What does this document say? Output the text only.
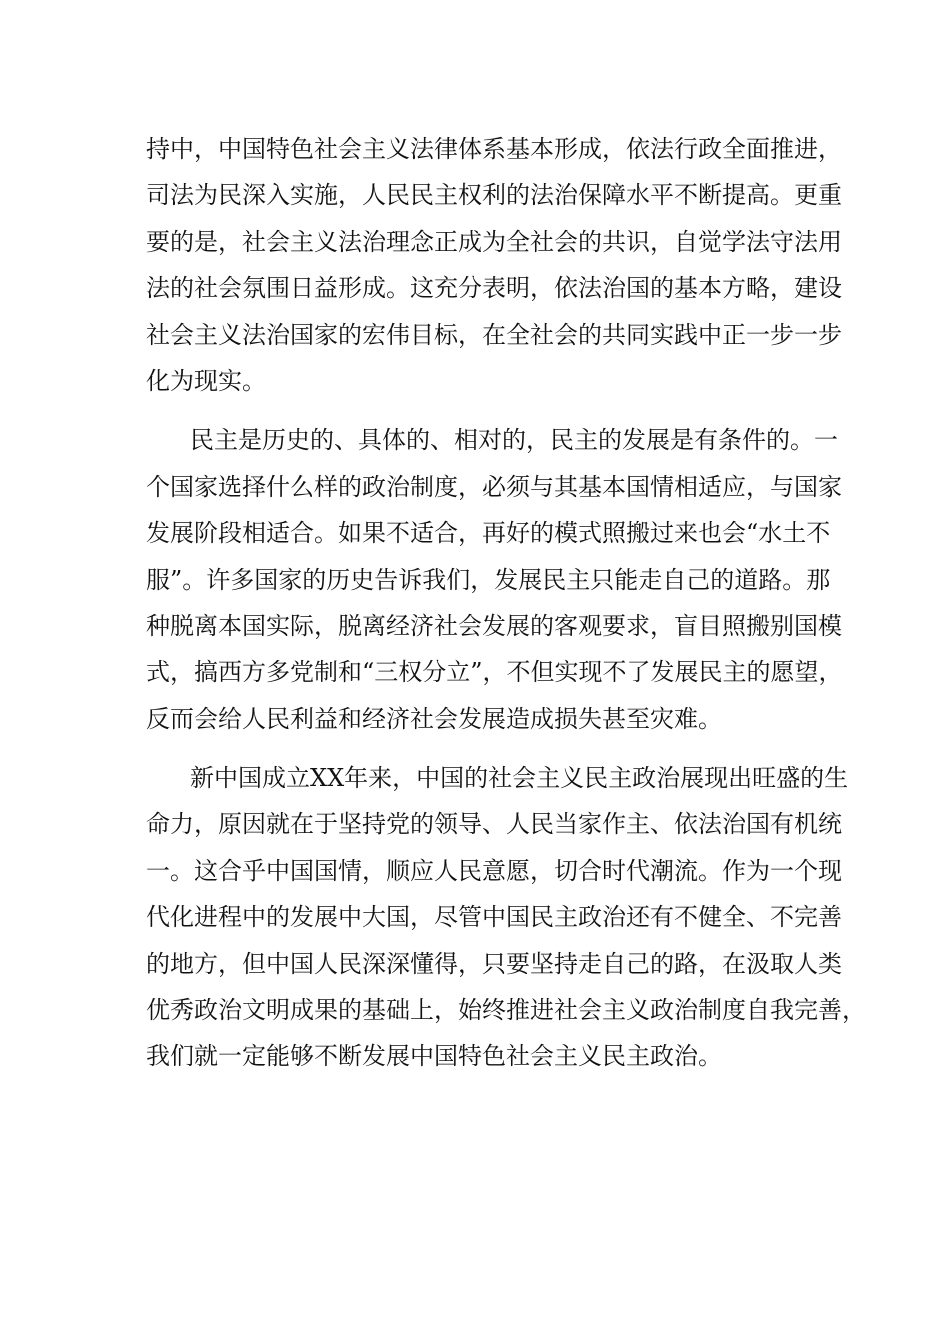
持中，中国特色社会主义法律体系基本形成，依法行政全面推进，
司法为民深入实施，人民民主权利的法治保障水平不断提高。更重
要的是，社会主义法治理念正成为全社会的共识，自觉学法守法用
法的社会氛围日益形成。这充分表明，依法治国的基本方略，建设
社会主义法治国家的宏伟目标，在全社会的共同实践中正一步一步
化为现实。
民主是历史的、具体的、相对的，民主的发展是有条件的。一
个国家选择什么样的政治制度，必须与其基本国情相适应，与国家
发展阶段相适合。如果不适合，再好的模式照搬过来也会“水土不
服”。许多国家的历史告诉我们，发展民主只能走自己的道路。那
种脱离本国实际，脱离经济社会发展的客观要求，盲目照搬别国模
式，搞西方多党制和“三权分立”，不但实现不了发展民主的愿望，
反而会给人民利益和经济社会发展造成损失甚至灾难。
新中国成立XX年来，中国的社会主义民主政治展现出旺盛的生
命力，原因就在于坚持党的领导、人民当家作主、依法治国有机统
一。这合乎中国国情，顺应人民意愿，切合时代潮流。作为一个现
代化进程中的发展中大国，尽管中国民主政治还有不健全、不完善
的地方，但中国人民深深懂得，只要坚持走自己的路，在汲取人类
优秀政治文明成果的基础上，始终推进社会主义政治制度自我完善，
我们就一定能够不断发展中国特色社会主义民主政治。
